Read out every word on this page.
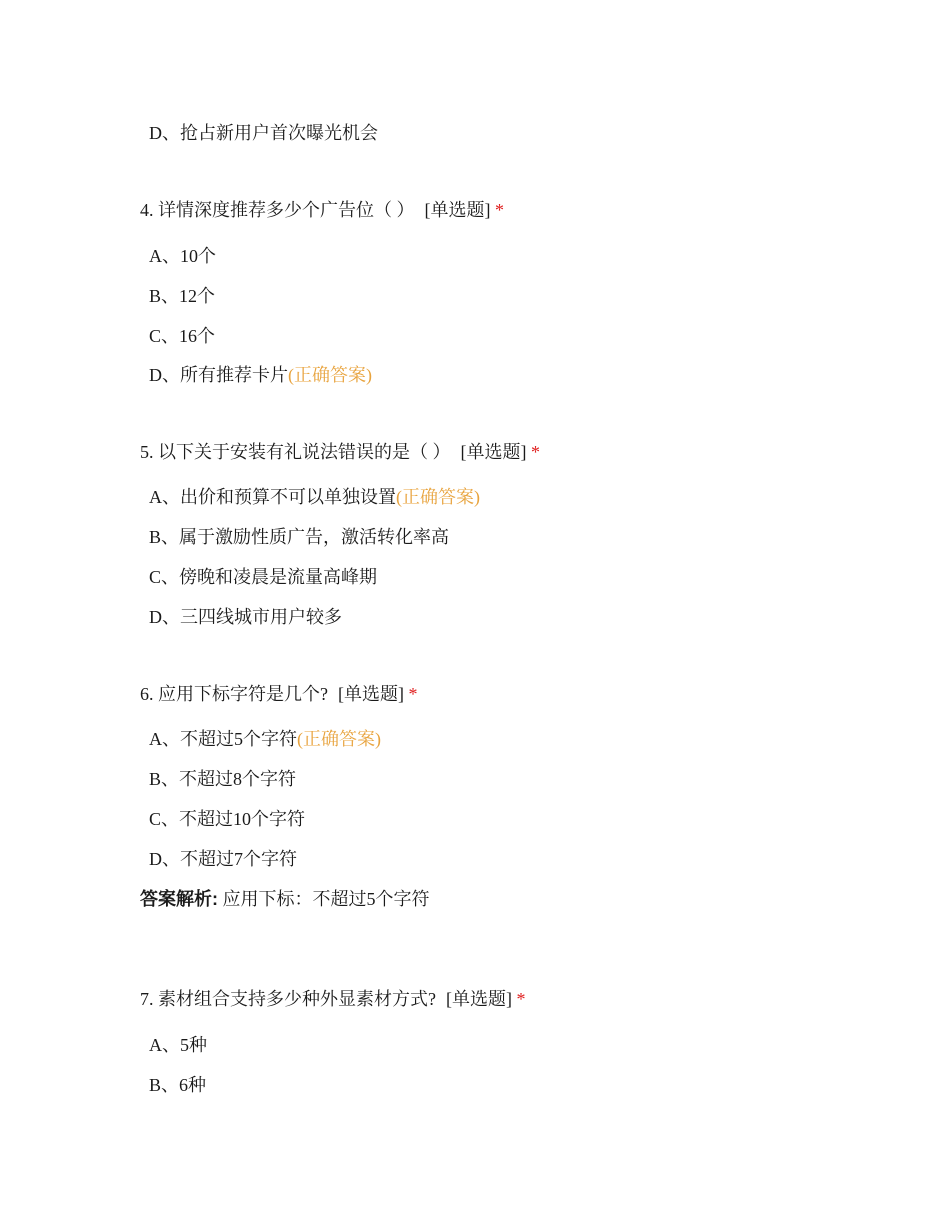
D、抢占新用户首次曝光机会
4. 详情深度推荐多少个广告位（ ） [单选题] *
A、10个
B、12个
C、16个
D、所有推荐卡片(正确答案)
5. 以下关于安装有礼说法错误的是（ ） [单选题] *
A、出价和预算不可以单独设置(正确答案)
B、属于激励性质广告，激活转化率高
C、傍晚和凌晨是流量高峰期
D、三四线城市用户较多
6. 应用下标字符是几个? [单选题] *
A、不超过5个字符(正确答案)
B、不超过8个字符
C、不超过10个字符
D、不超过7个字符
答案解析: 应用下标：不超过5个字符
7. 素材组合支持多少种外显素材方式? [单选题] *
A、5种
B、6种
